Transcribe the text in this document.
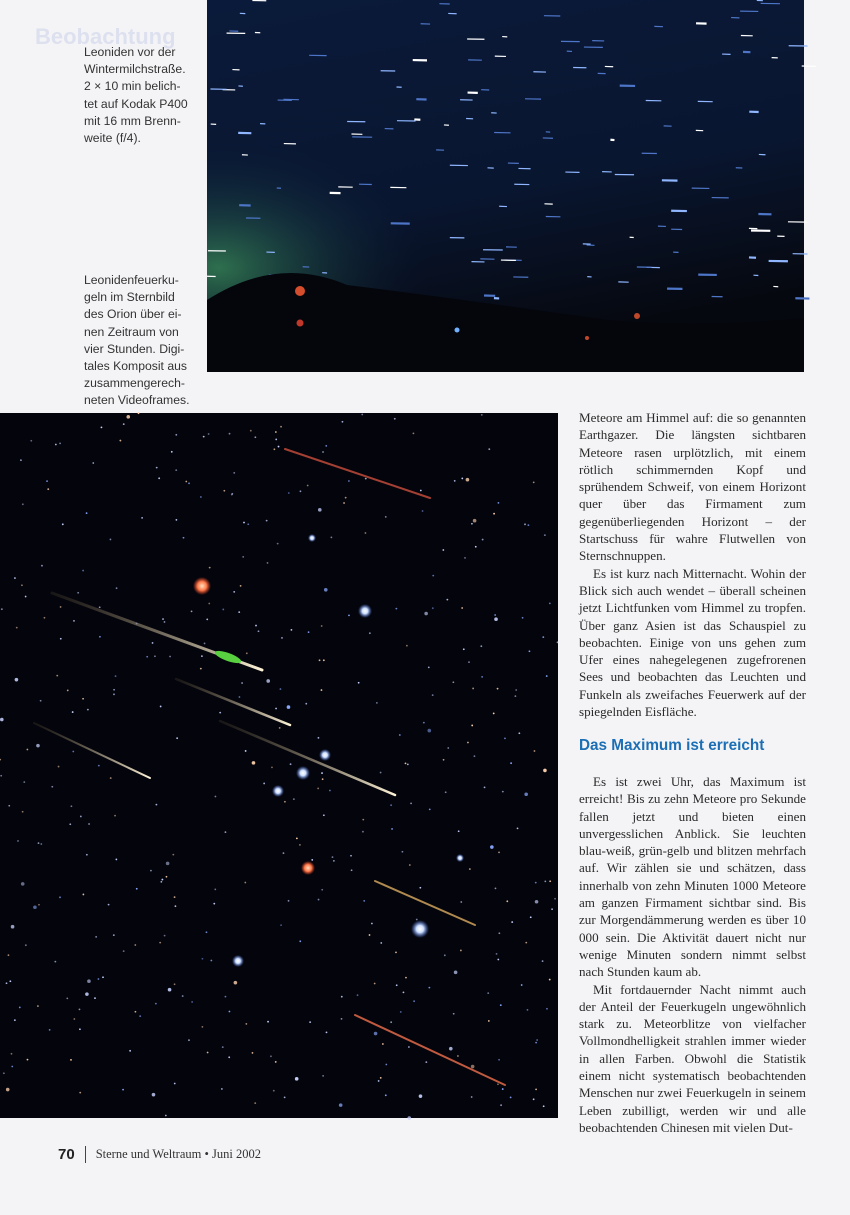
Leoniden vor der
Wintermilchstraße.
2 × 10 min belich-
tet auf Kodak P400
mit 16 mm Brenn-
weite (f/4).
Leonidenfeuerku-
geln im Sternbild
des Orion über ei-
nen Zeitraum von
vier Stunden. Digi-
tales Komposit aus
zusammengerech-
neten Videoframes.
Beobachtung

Meteore am Himmel auf: die so genannten Earthgazer. Die längsten sichtbaren Meteore rasen urplötzlich, mit einem rötlich schimmernden Kopf und sprühendem Schweif, von einem Horizont quer über das Firmament zum gegenüberliegenden Horizont – der Startschuss für wahre Flutwellen von Sternschnuppen.

Es ist kurz nach Mitternacht. Wohin der Blick sich auch wendet – überall scheinen jetzt Lichtfunken vom Himmel zu tropfen. Über ganz Asien ist das Schauspiel zu beobachten. Einige von uns gehen zum Ufer eines nahegelegenen zugefrorenen Sees und beobachten das Leuchten und Funkeln als zweifaches Feuerwerk auf der spiegelnden Eisfläche.

Das Maximum ist erreicht

Es ist zwei Uhr, das Maximum ist erreicht! Bis zu zehn Meteore pro Sekunde fallen jetzt und bieten einen unvergesslichen Anblick. Sie leuchten blau-weiß, grün-gelb und blitzen mehrfach auf. Wir zählen sie und schätzen, dass innerhalb von zehn Minuten 1000 Meteore am ganzen Firmament sichtbar sind. Bis zur Morgendämmerung werden es über 10 000 sein. Die Aktivität dauert nicht nur wenige Minuten sondern nimmt selbst nach Stunden kaum ab.

Mit fortdauernder Nacht nimmt auch der Anteil der Feuerkugeln ungewöhnlich stark zu. Meteorblitze von vielfacher Vollmondhelligkeit strahlen immer wieder in allen Farben. Obwohl die Statistik einem nicht systematisch beobachtenden Menschen nur zwei Feuerkugeln in seinem Leben zubilligt, werden wir und alle beobachtenden Chinesen mit vielen Dut-

70 Sterne und Weltraum • Juni 2002
